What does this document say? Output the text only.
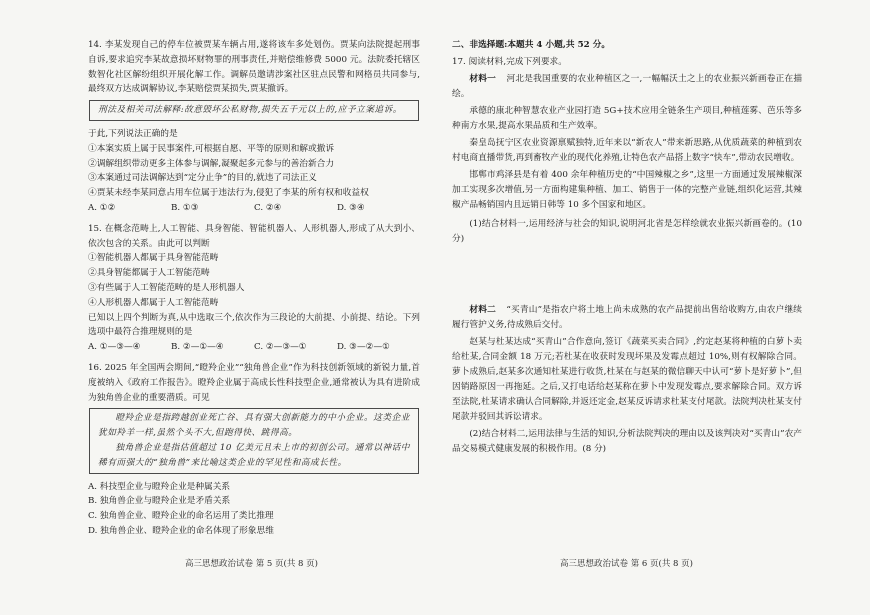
14. 李某发现自己的停车位被贾某车辆占用,遂将该车多处划伤。贾某向法院提起刑事自诉,要求追究李某故意损坏财物罪的刑事责任,并赔偿维修费 5000 元。法院委托辖区数智化社区解纷组织开展化解工作。调解员邀请涉案社区驻点民警和网格员共同参与,最终双方达成调解协议,李某赔偿贾某损失,贾某撤诉。

刑法及相关司法解释:故意毁坏公私财物,损失五千元以上的,应予立案追诉。

于此,下列说法正确的是

①本案实质上属于民事案件,可根据自愿、平等的原则和解或撤诉

②调解组织带动更多主体参与调解,凝聚起多元参与的善治新合力

③本案通过司法调解达到“定分止争”的目的,就违了司法正义

④贾某未经李某同意占用车位属于违法行为,侵犯了李某的所有权和收益权

A. ①②	B. ①③	C. ②④	D. ③④

15. 在概念范畴上,人工智能、具身智能、智能机器人、人形机器人,形成了从大到小、依次包含的关系。由此可以判断

①智能机器人都属于具身智能范畴

②具身智能都属于人工智能范畴

③有些属于人工智能范畴的是人形机器人

④人形机器人都属于人工智能范畴

已知以上四个判断为真,从中选取三个,依次作为三段论的大前提、小前提、结论。下列选项中最符合推理规则的是

A. ①—③—④	B. ②—①—④	C. ②—③—①	D. ③—②—①

16. 2025 年全国两会期间,“瞪羚企业”“独角兽企业”作为科技创新领域的新锐力量,首度被纳入《政府工作报告》。瞪羚企业属于高成长性科技型企业,通常被认为具有进阶成为独角兽企业的重要潜质。可见

瞪羚企业是指跨越创业死亡谷、具有强大创新能力的中小企业。这类企业犹如羚羊一样,虽然个头不大,但跑得快、跳得高。

独角兽企业是指估值超过 10 亿美元且未上市的初创公司。通常以神话中稀有而强大的“独角兽”来比喻这类企业的罕见性和高成长性。

A. 科技型企业与瞪羚企业是种属关系

B. 独角兽企业与瞪羚企业是矛盾关系

C. 独角兽企业、瞪羚企业的命名运用了类比推理

D. 独角兽企业、瞪羚企业的命名体现了形象思维

高三思想政治试卷 第 5 页(共 8 页)

二、非选择题:本题共 4 小题,共 52 分。

17. 阅读材料,完成下列要求。

材料一 河北是我国重要的农业种植区之一,一幅幅沃土之上的农业振兴新画卷正在描绘。

承德的康北种智慧农业产业园打造 5G+技术应用全链条生产项目,种植莲雾、芭乐等多种南方水果,提高水果品质和生产效率。

秦皇岛抚宁区农业资源禀赋独特,近年来以“新农人”带来新思路,从优质蔬菜的种植到农村电商直播带货,再到畜牧产业的现代化养殖,让特色农产品搭上数字“快车”,带动农民增收。

邯郸市鸡泽县是有着 400 余年种植历史的“中国辣椒之乡”,这里一方面通过发展辣椒深加工实现多次增值,另一方面构建集种植、加工、销售于一体的完整产业链,组织化运营,其辣椒产品畅销国内且远销日韩等 10 多个国家和地区。

(1)结合材料一,运用经济与社会的知识,说明河北省是怎样绘就农业振兴新画卷的。(10 分)

材料二 “买青山”是指农户将土地上尚未成熟的农产品提前出售给收购方,由农户继续履行管护义务,待成熟后交付。

赵某与杜某达成“买青山”合作意向,签订《蔬菜买卖合同》,约定赵某将种植的白萝卜卖给杜某,合同金额 18 万元;若杜某在收获时发现坏果及发霉点超过 10%,则有权解除合同。萝卜成熟后,赵某多次通知杜某进行收货,杜某在与赵某的微信聊天中认可“萝卜是好萝卜”,但因销路原因一再拖延。之后,又打电话给赵某称在萝卜中发现发霉点,要求解除合同。双方诉至法院,杜某请求确认合同解除,并返还定金,赵某反诉请求杜某支付尾款。法院判决杜某支付尾款并驳回其诉讼请求。

(2)结合材料二,运用法律与生活的知识,分析法院判决的理由以及该判决对“买青山”农产品交易模式健康发展的积极作用。(8 分)

高三思想政治试卷 第 6 页(共 8 页)
